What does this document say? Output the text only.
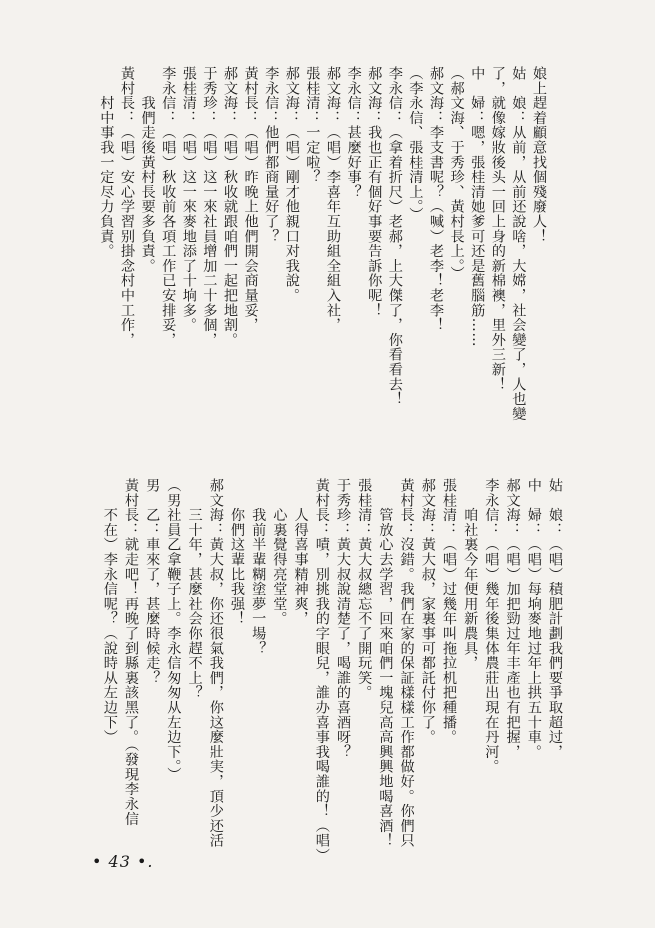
娘上趕着顧意找個殘廢人！
姑　娘：从前，从前还說啥，大嫦，社会變了，人也變
了，就像嫁妝後头一回上身的新棉襖，里外三新！
中　婦：嗯，張桂清她爹可还是舊腦筋……
（郝文海、于秀珍、黃村長上。）
郝文海：李支書呢？（喊）老李！老李！
（李永信、張桂清上。）
李永信：（拿着折尺）老郝，上大傑了，你看看去！
郝文海：我也正有個好事要告訴你呢！
李永信：甚麼好事？
郝文海：（唱）李喜年互助組全組入社，
張桂清：一定啦？
郝文海：（唱）剛才他親口对我說。
李永信：他們都商量好了？
黃村長：（唱）昨晚上他們開会商量妥，
郝文海：（唱）秋收就跟咱們一起把地割。
于秀珍：（唱）这一來社員增加二十多個，
張桂清：（唱）这一來麥地添了十垧多。
李永信：（唱）秋收前各項工作已安排妥，
　　我們走後黃村長要多負責。
黃村長：（唱）安心学習别掛念村中工作，
　　村中事我一定尽力負責。
姑　娘：（唱）積肥計劃我們要爭取超过，
中　婦：（唱）每垧麥地过年上拱五十車。
郝文海：（唱）加把勁过年丰產也有把握，
李永信：（唱）幾年後集体農莊出現在丹河。
　　咱社裏今年便用新農具，
張桂清：（唱）过幾年叫拖拉机把種播。
郝文海：黃大叔，家裏事可都託付你了。
黃村長：沒錯。我們在家的保証樣樣工作都做好。你們只
　　管放心去学習，回來咱們一塊兒高高興興地喝喜酒！
張桂清：黃大叔總忘不了開玩笑。
于秀珍：黃大叔說清楚了，喝誰的喜酒呀？
黃村長：嘖，別挑我的字眼兒，誰办喜事我喝誰的！（唱）
　　人得喜事精神爽，
　　心裏覺得亮堂堂。
　　我前半輩糊塗夢一場？
　　你們这輩比我强！
郝文海：黃大叔，你还很氣我們，你这麼壯実，頂少还活
　　三十年，甚麼社会你趕不上？
（男社員乙拿鞭子上。李永信匆匆从左边下。）
男　乙：車來了，甚麼時候走？
黃村長：就走吧！再晚了到縣裏該黑了。（發現李永信
　　不在）李永信呢？（說時从左边下）
• 43 •.
